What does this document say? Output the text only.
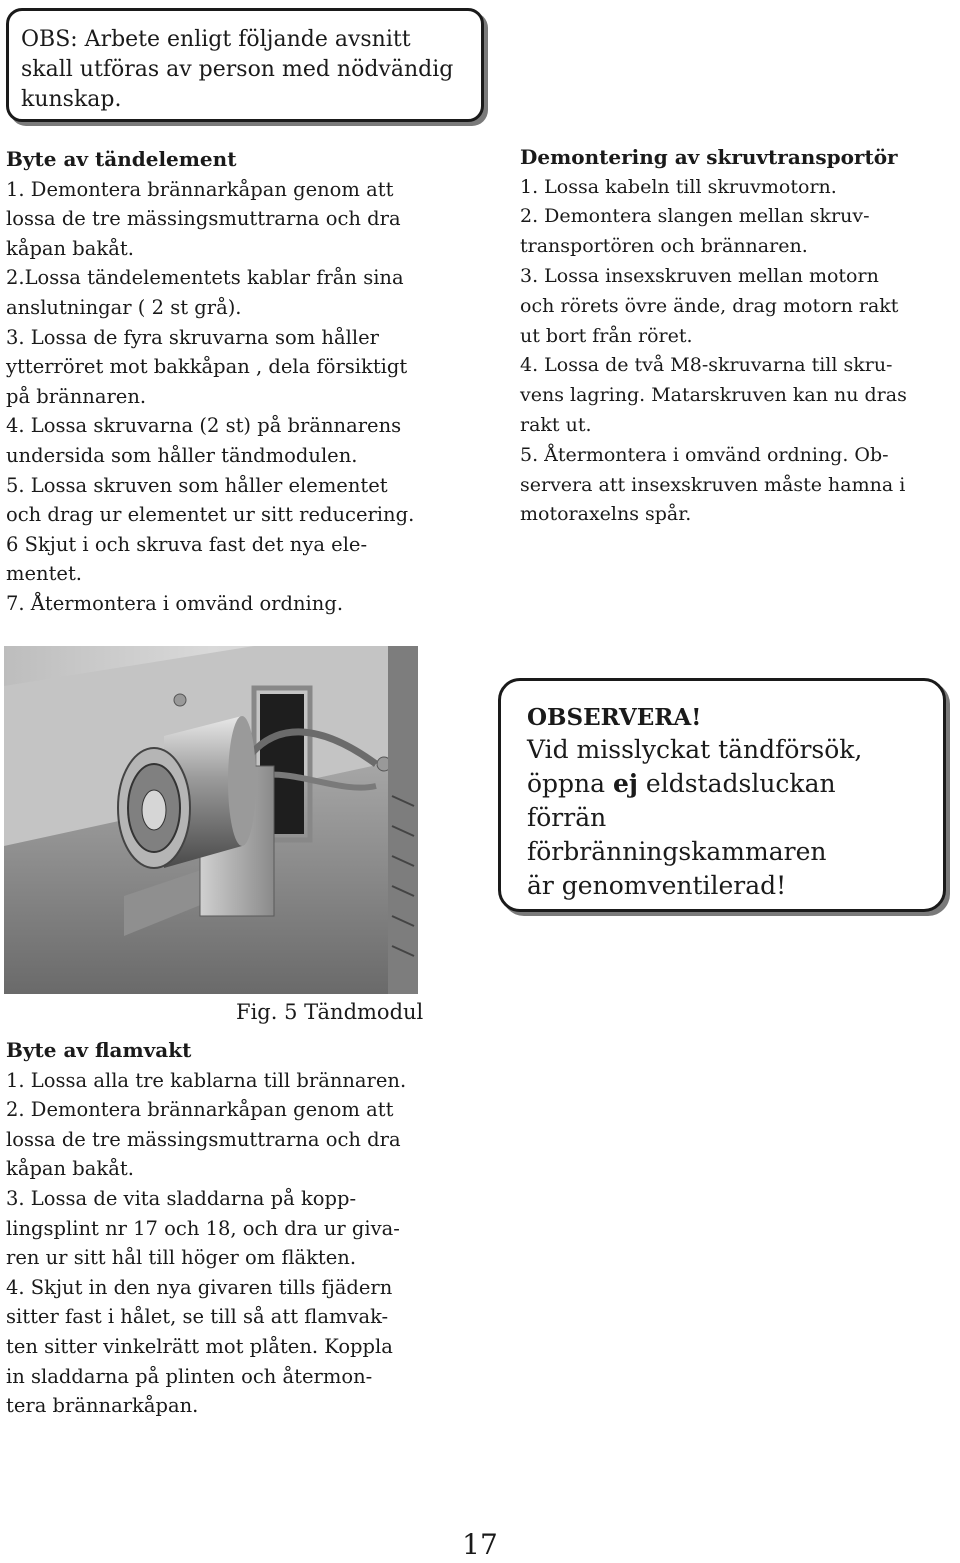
OBS: Arbete enligt följande avsnitt

skall utföras av person med nödvändig

kunskap.

Byte av tändelement

1. Demontera brännarkåpan genom att
lossa de tre mässingsmuttrarna och dra
kåpan bakåt.

2.Lossa tändelementets kablar från sina
anslutningar ( 2 st grå).

3. Lossa de fyra skruvarna som håller
ytterröret mot bakkåpan , dela försiktigt
på brännaren.

4. Lossa skruvarna (2 st) på brännarens
undersida som håller tändmodulen.

5. Lossa skruven som håller elementet
och drag ur elementet ur sitt reducering.

6 Skjut i och skruva fast det nya ele-
mentet.

7. Återmontera i omvänd ordning.

Demontering av skruvtransportör

1. Lossa kabeln till skruvmotorn.

2. Demontera slangen mellan skruv-
transportören och brännaren.

3. Lossa insexskruven mellan motorn
och rörets övre ände, drag motorn rakt
ut bort från röret.

4. Lossa de två M8-skruvarna till skru-
vens lagring. Matarskruven kan nu dras
rakt ut.

5. Återmontera i omvänd ordning. Ob-
servera att insexskruven måste hamna i
motoraxelns spår.

Fig. 5 Tändmodul
OBSERVERA!

Vid misslyckat tändförsök,

öppna ej eldstadsluckan förrän

förbränningskammaren

är genomventilerad!

Byte av flamvakt

1. Lossa alla tre kablarna till brännaren.

2. Demontera brännarkåpan genom att
lossa de tre mässingsmuttrarna och dra
kåpan bakåt.

3. Lossa de vita sladdarna på kopp-
lingsplint nr 17 och 18, och dra ur giva-
ren ur sitt hål till höger om fläkten.

4. Skjut in den nya givaren tills fjädern
sitter fast i hålet, se till så att flamvak-
ten sitter vinkelrätt mot plåten. Koppla
in sladdarna på plinten och återmon-
tera brännarkåpan.

17
